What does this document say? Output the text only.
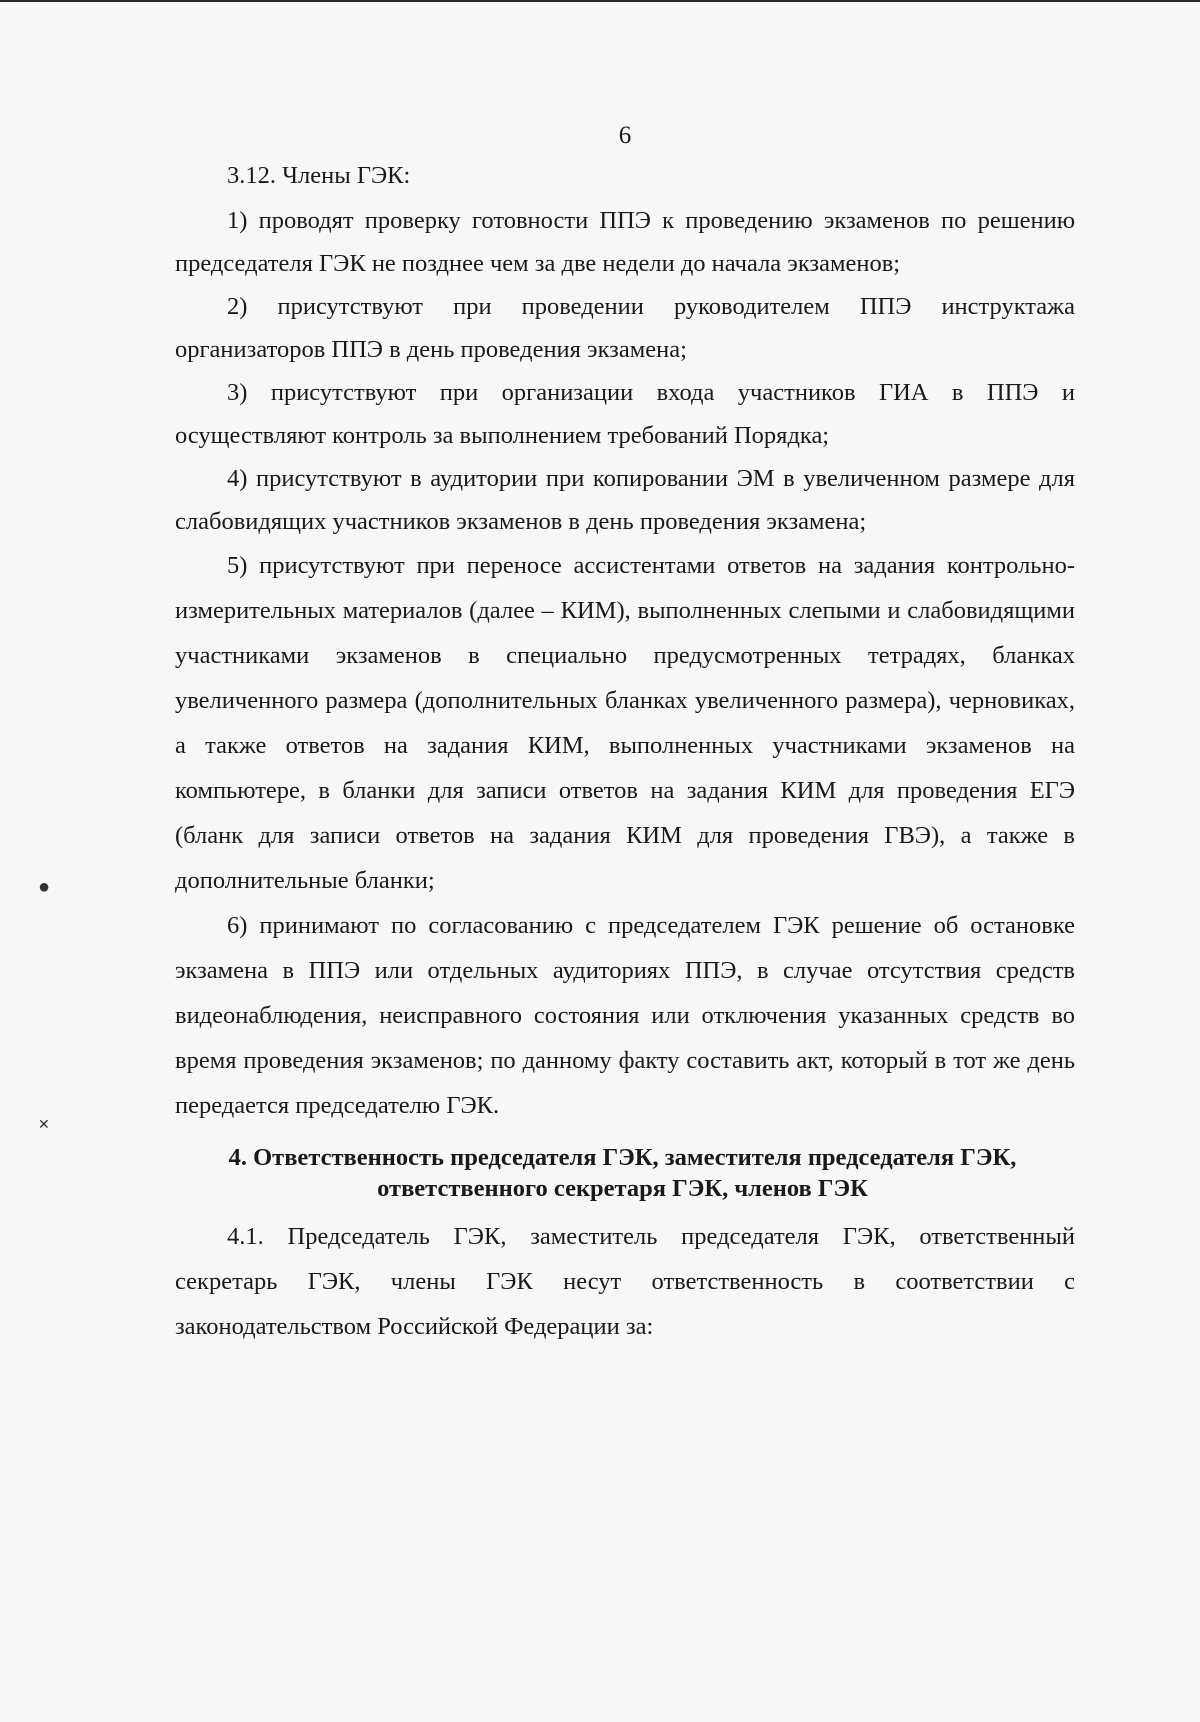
●
✕
6

3.12. Члены ГЭК:

1) проводят проверку готовности ППЭ к проведению экзаменов по решению председателя ГЭК не позднее чем за две недели до начала экзаменов;

2) присутствуют при проведении руководителем ППЭ инструктажа организаторов ППЭ в день проведения экзамена;

3) присутствуют при организации входа участников ГИА в ППЭ и осуществляют контроль за выполнением требований Порядка;

4) присутствуют в аудитории при копировании ЭМ в увеличенном размере для слабовидящих участников экзаменов в день проведения экзамена;

5) присутствуют при переносе ассистентами ответов на задания контрольно-измерительных материалов (далее – КИМ), выполненных слепыми и слабовидящими участниками экзаменов в специально предусмотренных тетрадях, бланках увеличенного размера (дополнительных бланках увеличенного размера), черновиках, а также ответов на задания КИМ, выполненных участниками экзаменов на компьютере, в бланки для записи ответов на задания КИМ для проведения ЕГЭ (бланк для записи ответов на задания КИМ для проведения ГВЭ), а также в дополнительные бланки;

6) принимают по согласованию с председателем ГЭК решение об остановке экзамена в ППЭ или отдельных аудиториях ППЭ, в случае отсутствия средств видеонаблюдения, неисправного состояния или отключения указанных средств во время проведения экзаменов; по данному факту составить акт, который в тот же день передается председателю ГЭК.

4. Ответственность председателя ГЭК, заместителя председателя ГЭК,
ответственного секретаря ГЭК, членов ГЭК

4.1. Председатель ГЭК, заместитель председателя ГЭК, ответственный секретарь ГЭК, члены ГЭК несут ответственность в соответствии с законодательством Российской Федерации за:
